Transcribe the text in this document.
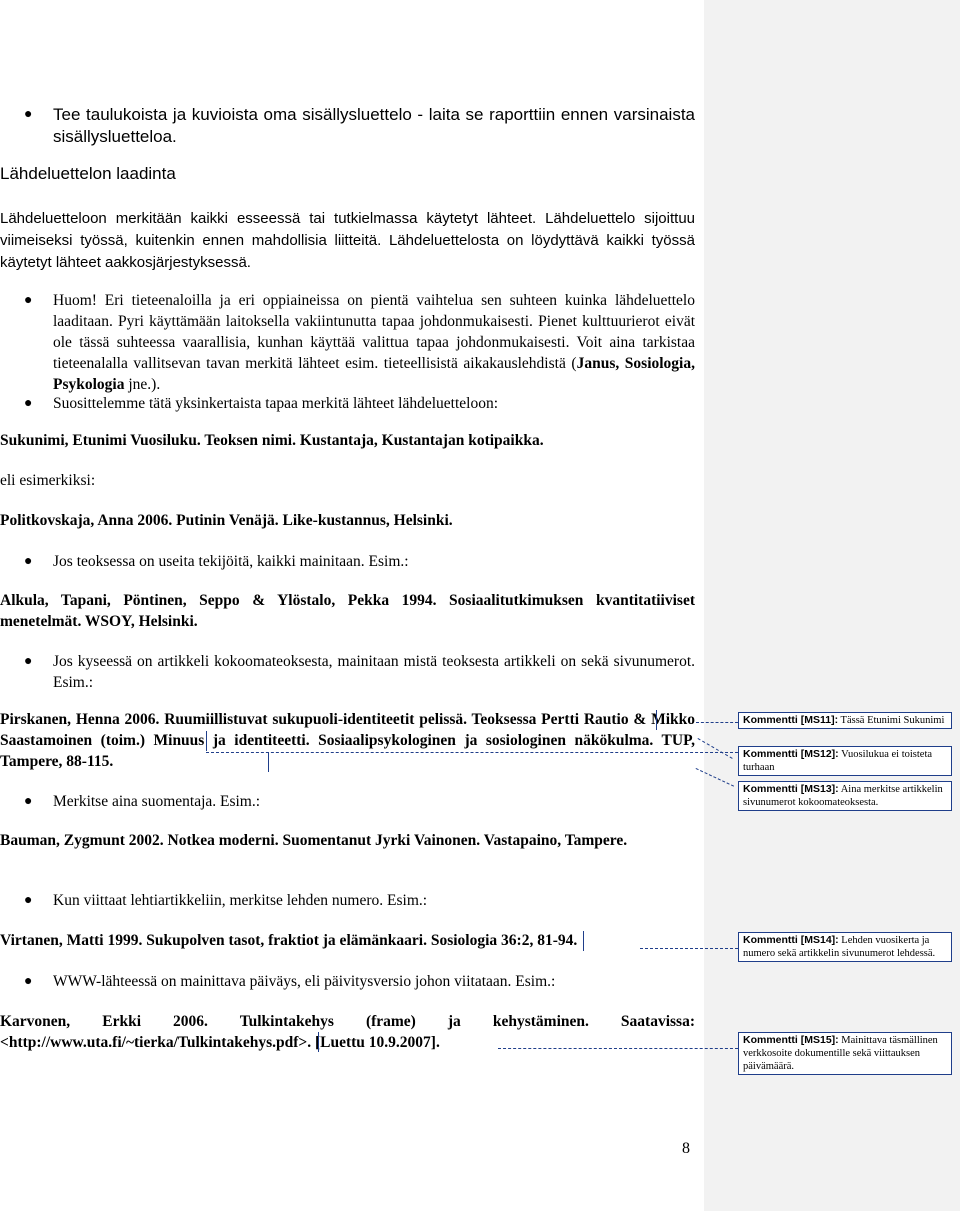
● Tee taulukoista ja kuvioista oma sisällysluettelo - laita se raporttiin ennen varsinaista sisällysluetteloa.
Lähdeluettelon laadinta
Lähdeluetteloon merkitään kaikki esseessä tai tutkielmassa käytetyt lähteet. Lähdeluettelo sijoittuu viimeiseksi työssä, kuitenkin ennen mahdollisia liitteitä. Lähdeluettelosta on löydyttävä kaikki työssä käytetyt lähteet aakkosjärjestyksessä.
● Huom! Eri tieteenaloilla ja eri oppiaineissa on pientä vaihtelua sen suhteen kuinka lähdeluettelo laaditaan. Pyri käyttämään laitoksella vakiintunutta tapaa johdonmukaisesti. Pienet kulttuurierot eivät ole tässä suhteessa vaarallisia, kunhan käyttää valittua tapaa johdonmukaisesti. Voit aina tarkistaa tieteenalalla vallitsevan tavan merkitä lähteet esim. tieteellisistä aikakauslehdistä (Janus, Sosiologia, Psykologia jne.).
● Suosittelemme tätä yksinkertaista tapaa merkitä lähteet lähdeluetteloon:
Sukunimi, Etunimi Vuosiluku. Teoksen nimi. Kustantaja, Kustantajan kotipaikka.
eli esimerkiksi:
Politkovskaja, Anna 2006. Putinin Venäjä. Like-kustannus, Helsinki.
● Jos teoksessa on useita tekijöitä, kaikki mainitaan. Esim.:
Alkula, Tapani, Pöntinen, Seppo & Ylöstalo, Pekka 1994. Sosiaalitutkimuksen kvantitatiiviset menetelmät. WSOY, Helsinki.
● Jos kyseessä on artikkeli kokoomateoksesta, mainitaan mistä teoksesta artikkeli on sekä sivunumerot. Esim.:
Pirskanen, Henna 2006. Ruumiillistuvat sukupuoli-identiteetit pelissä. Teoksessa Pertti Rautio & Mikko Saastamoinen (toim.) Minuus ja identiteetti. Sosiaalipsykologinen ja sosiologinen näkökulma. TUP, Tampere, 88-115.
● Merkitse aina suomentaja. Esim.:
Bauman, Zygmunt 2002. Notkea moderni. Suomentanut Jyrki Vainonen. Vastapaino, Tampere.
● Kun viittaat lehtiartikkeliin, merkitse lehden numero. Esim.:
Virtanen, Matti 1999. Sukupolven tasot, fraktiot ja elämänkaari. Sosiologia 36:2, 81-94.
● WWW-lähteessä on mainittava päiväys, eli päivitysversio johon viitataan. Esim.:
Karvonen, Erkki 2006. Tulkintakehys (frame) ja kehystäminen. Saatavissa: <http://www.uta.fi/~tierka/Tulkintakehys.pdf>. [Luettu 10.9.2007].
Kommentti [MS11]: Tässä Etunimi Sukunimi
Kommentti [MS12]: Vuosilukua ei toisteta turhaan
Kommentti [MS13]: Aina merkitse artikkelin sivunumerot kokoomateoksesta.
Kommentti [MS14]: Lehden vuosikerta ja numero sekä artikkelin sivunumerot lehdessä.
Kommentti [MS15]: Mainittava täsmällinen verkkosoite dokumentille sekä viittauksen päivämäärä.
8
